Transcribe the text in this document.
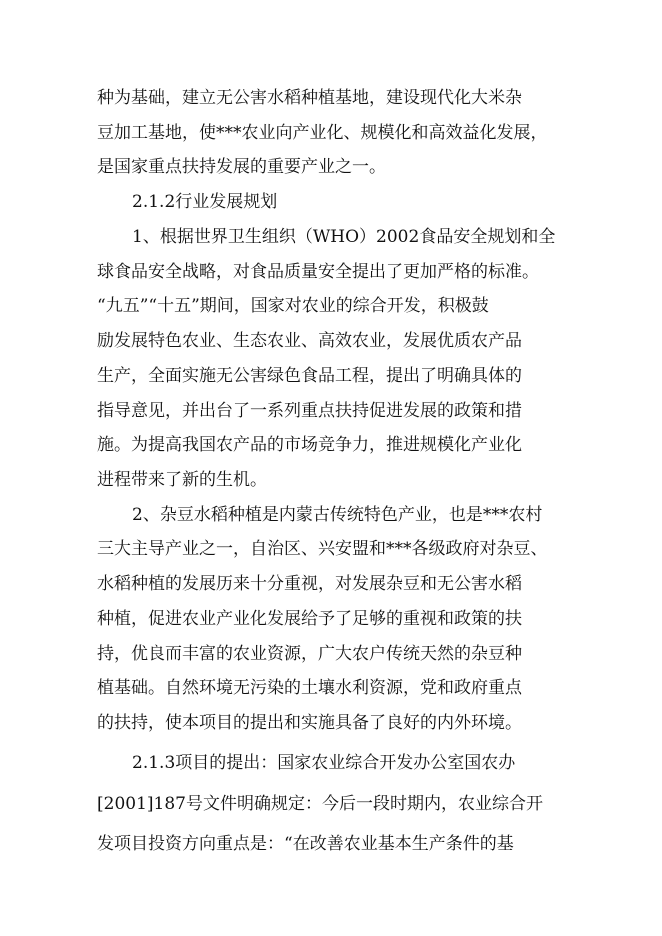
种为基础，建立无公害水稻种植基地，建设现代化大米杂
豆加工基地，使***农业向产业化、规模化和高效益化发展，
是国家重点扶持发展的重要产业之一。
2.1.2行业发展规划
1、根据世界卫生组织（WHO）2002食品安全规划和全
球食品安全战略，对食品质量安全提出了更加严格的标准。
“九五”“十五”期间，国家对农业的综合开发，积极鼓
励发展特色农业、生态农业、高效农业，发展优质农产品
生产，全面实施无公害绿色食品工程，提出了明确具体的
指导意见，并出台了一系列重点扶持促进发展的政策和措
施。为提高我国农产品的市场竞争力，推进规模化产业化
进程带来了新的生机。
2、杂豆水稻种植是内蒙古传统特色产业，也是***农村
三大主导产业之一，自治区、兴安盟和***各级政府对杂豆、
水稻种植的发展历来十分重视，对发展杂豆和无公害水稻
种植，促进农业产业化发展给予了足够的重视和政策的扶
持，优良而丰富的农业资源，广大农户传统天然的杂豆种
植基础。自然环境无污染的土壤水利资源，党和政府重点
的扶持，使本项目的提出和实施具备了良好的内外环境。
2.1.3项目的提出：国家农业综合开发办公室国农办
[2001]187号文件明确规定：今后一段时期内，农业综合开
发项目投资方向重点是：“在改善农业基本生产条件的基
